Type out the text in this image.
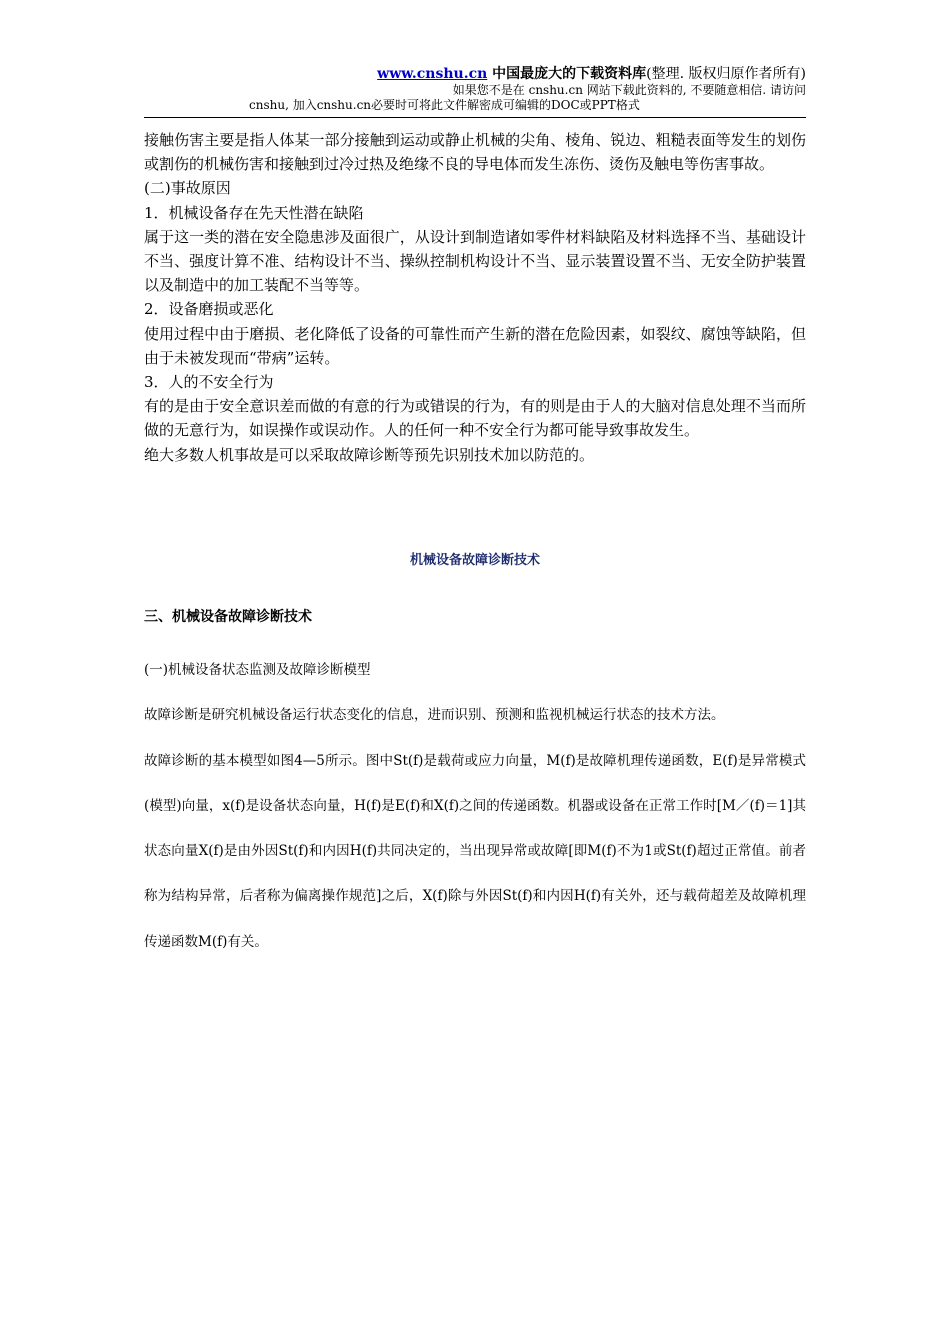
www.cnshu.cn 中国最庞大的下载资料库(整理. 版权归原作者所有)
如果您不是在 cnshu.cn 网站下载此资料的, 不要随意相信. 请访问
cnshu, 加入cnshu.cn必要时可将此文件解密成可编辑的DOC或PPT格式

接触伤害主要是指人体某一部分接触到运动或静止机械的尖角、棱角、锐边、粗糙表面等发生的划伤或割伤的机械伤害和接触到过冷过热及绝缘不良的导电体而发生冻伤、烫伤及触电等伤害事故。

(二)事故原因

1．机械设备存在先天性潜在缺陷

属于这一类的潜在安全隐患涉及面很广，从设计到制造诸如零件材料缺陷及材料选择不当、基础设计不当、强度计算不准、结构设计不当、操纵控制机构设计不当、显示装置设置不当、无安全防护装置以及制造中的加工装配不当等等。

2．设备磨损或恶化

使用过程中由于磨损、老化降低了设备的可靠性而产生新的潜在危险因素，如裂纹、腐蚀等缺陷，但由于未被发现而“带病”运转。

3．人的不安全行为

有的是由于安全意识差而做的有意的行为或错误的行为，有的则是由于人的大脑对信息处理不当而所做的无意行为，如误操作或误动作。人的任何一种不安全行为都可能导致事故发生。

绝大多数人机事故是可以采取故障诊断等预先识别技术加以防范的。

机械设备故障诊断技术
三、机械设备故障诊断技术

(一)机械设备状态监测及故障诊断模型

故障诊断是研究机械设备运行状态变化的信息，进而识别、预测和监视机械运行状态的技术方法。

故障诊断的基本模型如图4—5所示。图中St(f)是载荷或应力向量，M(f)是故障机理传递函数，E(f)是异常模式(模型)向量，x(f)是设备状态向量，H(f)是E(f)和X(f)之间的传递函数。机器或设备在正常工作时[M／(f)＝1]其状态向量X(f)是由外因St(f)和内因H(f)共同决定的，当出现异常或故障[即M(f)不为1或St(f)超过正常值。前者称为结构异常，后者称为偏离操作规范]之后，X(f)除与外因St(f)和内因H(f)有关外，还与载荷超差及故障机理传递函数M(f)有关。
